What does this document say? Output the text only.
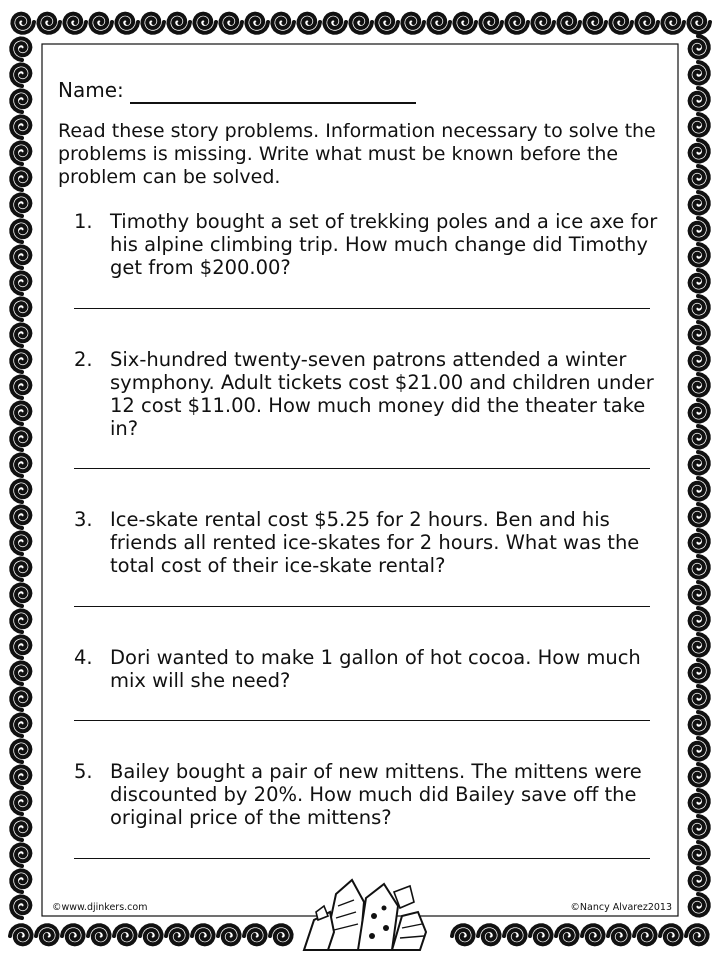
Name:
Read these story problems. Information necessary to solve the problems is missing. Write what must be known before the problem can be solved.
1. Timothy bought a set of trekking poles and a ice axe for his alpine climbing trip. How much change did Timothy get from $200.00?
2. Six-hundred twenty-seven patrons attended a winter symphony. Adult tickets cost $21.00 and children under 12 cost $11.00. How much money did the theater take in?
3. Ice-skate rental cost $5.25 for 2 hours. Ben and his friends all rented ice-skates for 2 hours. What was the total cost of their ice-skate rental?
4. Dori wanted to make 1 gallon of hot cocoa. How much mix will she need?
5. Bailey bought a pair of new mittens. The mittens were discounted by 20%. How much did Bailey save off the original price of the mittens?
©www.djinkers.com	©Nancy Alvarez2013
